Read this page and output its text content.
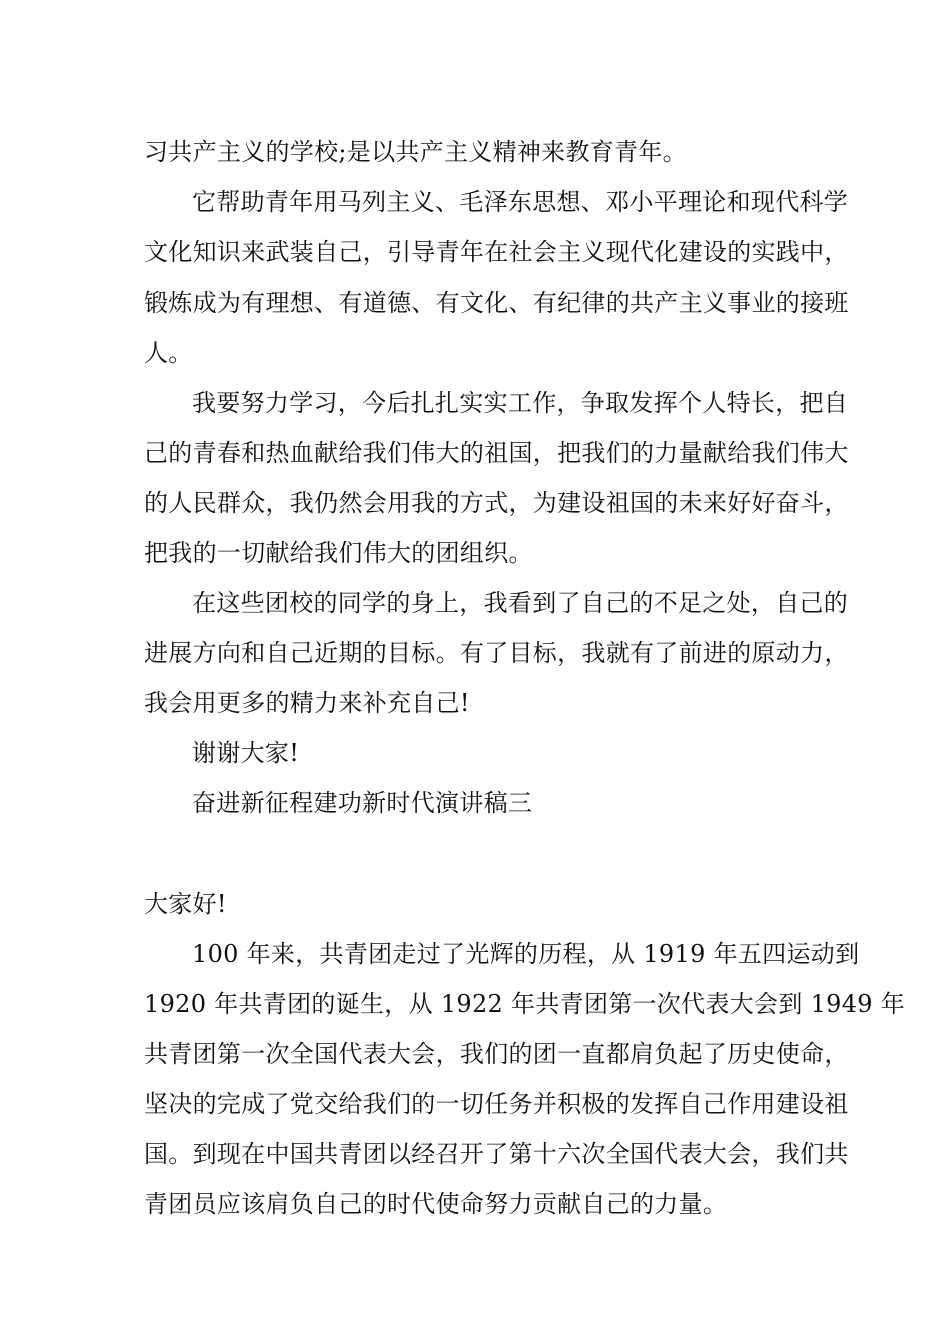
习共产主义的学校;是以共产主义精神来教育青年。
它帮助青年用马列主义、毛泽东思想、邓小平理论和现代科学
文化知识来武装自己，引导青年在社会主义现代化建设的实践中，
锻炼成为有理想、有道德、有文化、有纪律的共产主义事业的接班
人。
我要努力学习，今后扎扎实实工作，争取发挥个人特长，把自
己的青春和热血献给我们伟大的祖国，把我们的力量献给我们伟大
的人民群众，我仍然会用我的方式，为建设祖国的未来好好奋斗，
把我的一切献给我们伟大的团组织。
在这些团校的同学的身上，我看到了自己的不足之处，自己的
进展方向和自己近期的目标。有了目标，我就有了前进的原动力，
我会用更多的精力来补充自己!
谢谢大家!
奋进新征程建功新时代演讲稿三
大家好!
100 年来，共青团走过了光辉的历程，从 1919 年五四运动到
1920 年共青团的诞生，从 1922 年共青团第一次代表大会到 1949 年
共青团第一次全国代表大会，我们的团一直都肩负起了历史使命，
坚决的完成了党交给我们的一切任务并积极的发挥自己作用建设祖
国。到现在中国共青团以经召开了第十六次全国代表大会，我们共
青团员应该肩负自己的时代使命努力贡献自己的力量。
